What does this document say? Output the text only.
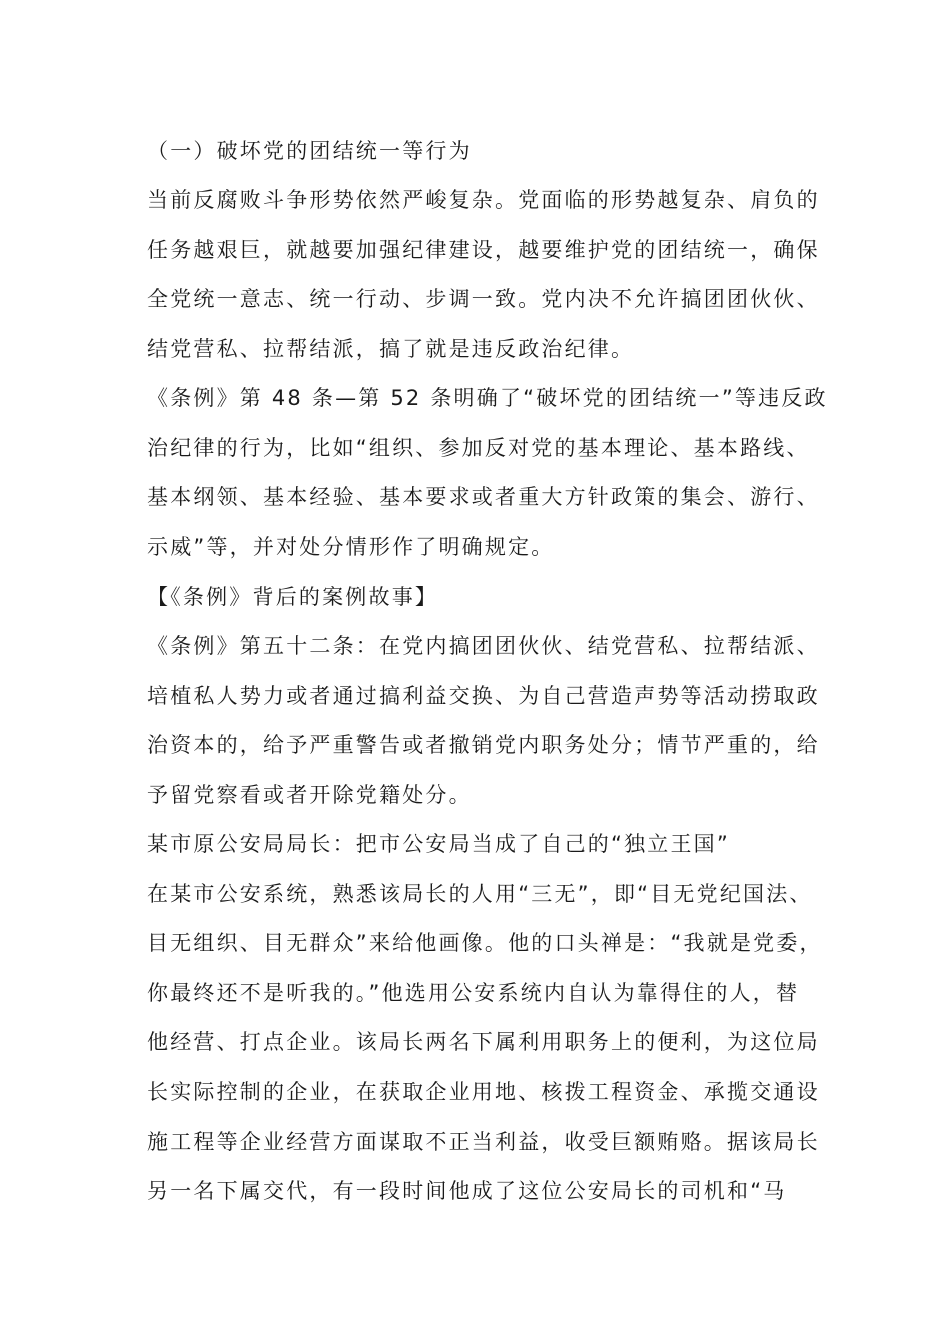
（一）破坏党的团结统一等行为
当前反腐败斗争形势依然严峻复杂。党面临的形势越复杂、肩负的
任务越艰巨，就越要加强纪律建设，越要维护党的团结统一，确保
全党统一意志、统一行动、步调一致。党内决不允许搞团团伙伙、
结党营私、拉帮结派，搞了就是违反政治纪律。
《条例》第 48 条—第 52 条明确了“破坏党的团结统一”等违反政
治纪律的行为，比如“组织、参加反对党的基本理论、基本路线、
基本纲领、基本经验、基本要求或者重大方针政策的集会、游行、
示威”等，并对处分情形作了明确规定。
【《条例》背后的案例故事】
《条例》第五十二条：在党内搞团团伙伙、结党营私、拉帮结派、
培植私人势力或者通过搞利益交换、为自己营造声势等活动捞取政
治资本的，给予严重警告或者撤销党内职务处分；情节严重的，给
予留党察看或者开除党籍处分。
某市原公安局局长：把市公安局当成了自己的“独立王国”
在某市公安系统，熟悉该局长的人用“三无”，即“目无党纪国法、
目无组织、目无群众”来给他画像。他的口头禅是：“我就是党委，
你最终还不是听我的。”他选用公安系统内自认为靠得住的人，替
他经营、打点企业。该局长两名下属利用职务上的便利，为这位局
长实际控制的企业，在获取企业用地、核拨工程资金、承揽交通设
施工程等企业经营方面谋取不正当利益，收受巨额贿赂。据该局长
另一名下属交代，有一段时间他成了这位公安局长的司机和“马
